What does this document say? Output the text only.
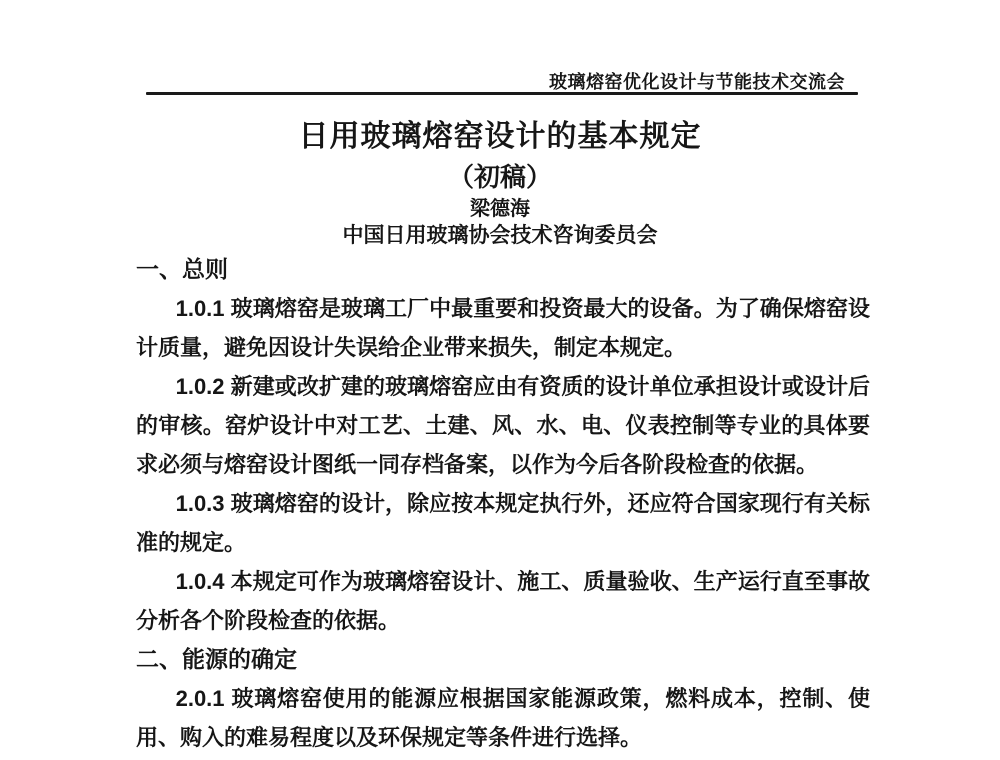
玻璃熔窑优化设计与节能技术交流会
日用玻璃熔窑设计的基本规定
（初稿）
梁德海
中国日用玻璃协会技术咨询委员会
一、总则

1.0.1 玻璃熔窑是玻璃工厂中最重要和投资最大的设备。为了确保熔窑设计质量，避免因设计失误给企业带来损失，制定本规定。

1.0.2 新建或改扩建的玻璃熔窑应由有资质的设计单位承担设计或设计后的审核。窑炉设计中对工艺、土建、风、水、电、仪表控制等专业的具体要求必须与熔窑设计图纸一同存档备案，以作为今后各阶段检查的依据。

1.0.3 玻璃熔窑的设计，除应按本规定执行外，还应符合国家现行有关标准的规定。

1.0.4 本规定可作为玻璃熔窑设计、施工、质量验收、生产运行直至事故分析各个阶段检查的依据。

二、能源的确定

2.0.1 玻璃熔窑使用的能源应根据国家能源政策，燃料成本，控制、使用、购入的难易程度以及环保规定等条件进行选择。
